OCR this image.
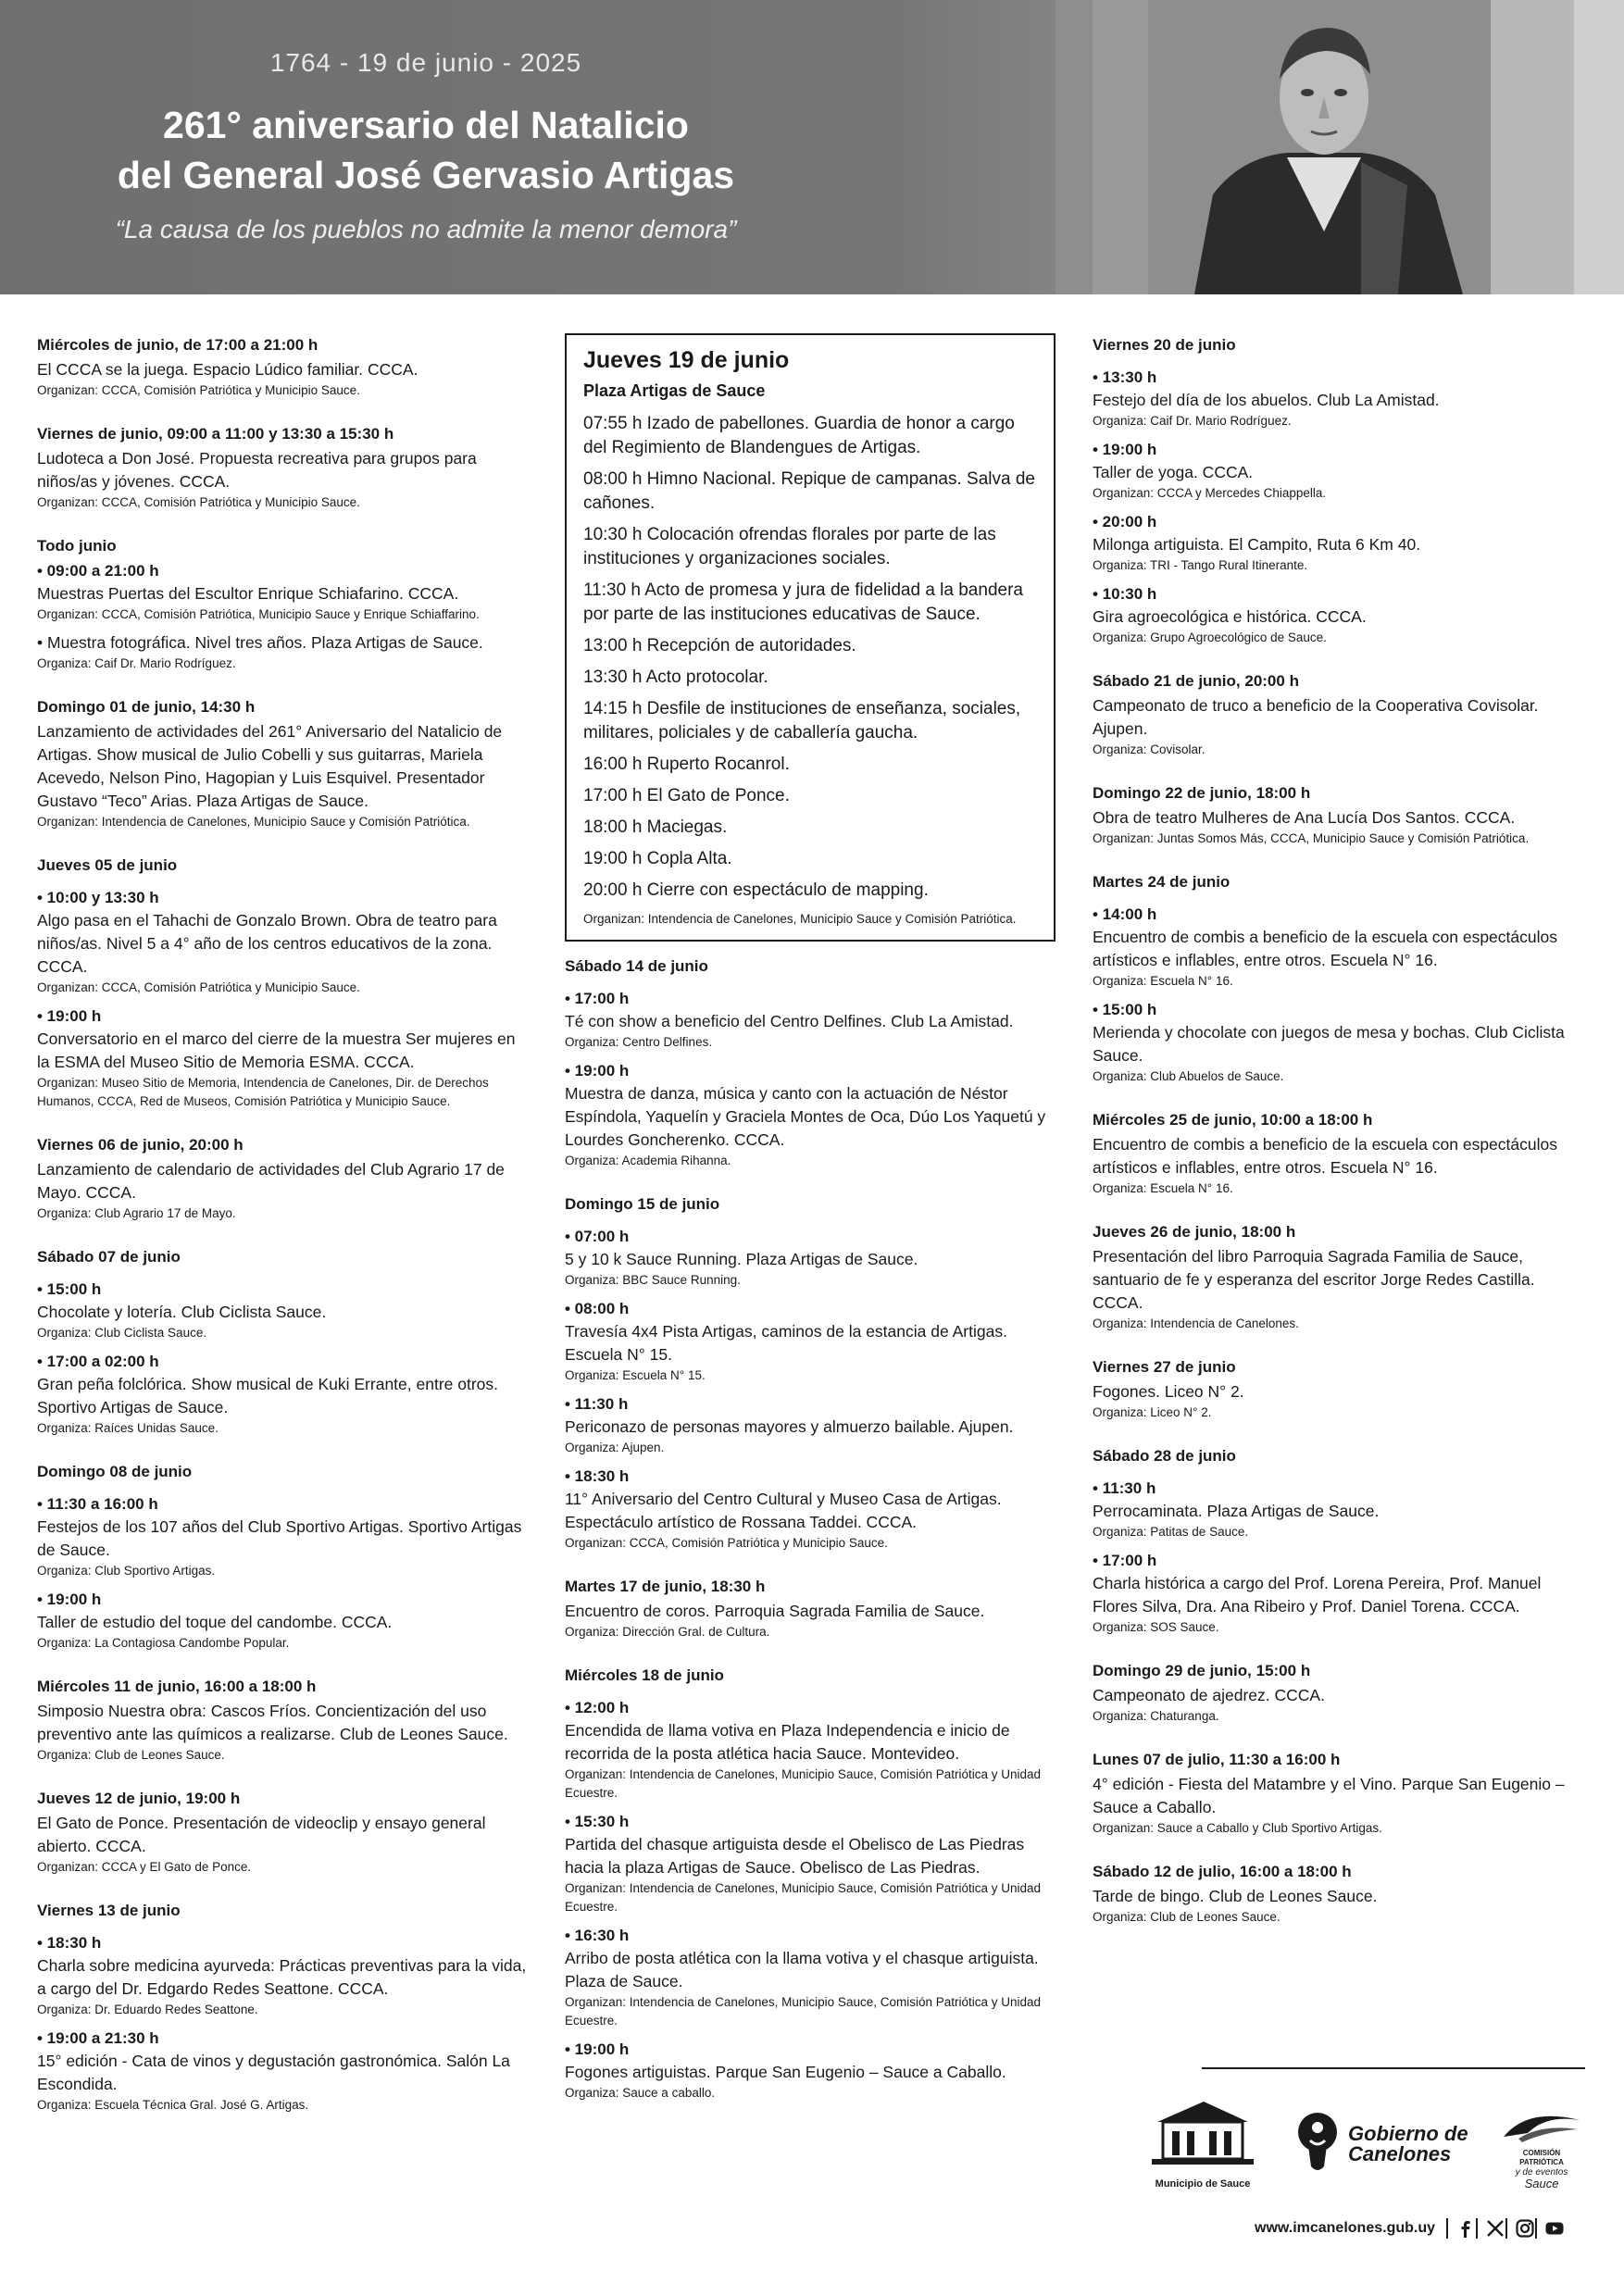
1764 - 19 de junio - 2025
261° aniversario del Natalicio
del General José Gervasio Artigas
“La causa de los pueblos no admite la menor demora”
Miércoles de junio, de 17:00 a 21:00 h
El CCCA se la juega. Espacio Lúdico familiar. CCCA.
Organizan: CCCA, Comisión Patriótica y Municipio Sauce.
Viernes de junio, 09:00 a 11:00 y 13:30 a 15:30 h
Ludoteca a Don José. Propuesta recreativa para grupos para niños/as y jóvenes. CCCA.
Organizan: CCCA, Comisión Patriótica y Municipio Sauce.
Todo junio
• 09:00 a 21:00 h
Muestras Puertas del Escultor Enrique Schiafarino. CCCA.
Organizan: CCCA, Comisión Patriótica, Municipio Sauce y Enrique Schiaffarino.
• Muestra fotográfica. Nivel tres años. Plaza Artigas de Sauce.
Organiza: Caif Dr. Mario Rodríguez.
Domingo 01 de junio, 14:30 h
Lanzamiento de actividades del 261° Aniversario del Natalicio de Artigas. Show musical de Julio Cobelli y sus guitarras, Mariela Acevedo, Nelson Pino, Hagopian y Luis Esquivel. Presentador Gustavo “Teco” Arias. Plaza Artigas de Sauce.
Organizan: Intendencia de Canelones, Municipio Sauce y Comisión Patriótica.
Jueves 05 de junio
• 10:00 y 13:30 h
Algo pasa en el Tahachi de Gonzalo Brown. Obra de teatro para niños/as. Nivel 5 a 4° año de los centros educativos de la zona. CCCA.
Organizan: CCCA, Comisión Patriótica y Municipio Sauce.
• 19:00 h
Conversatorio en el marco del cierre de la muestra Ser mujeres en la ESMA del Museo Sitio de Memoria ESMA. CCCA.
Organizan: Museo Sitio de Memoria, Intendencia de Canelones, Dir. de Derechos Humanos, CCCA, Red de Museos, Comisión Patriótica y Municipio Sauce.
Viernes 06 de junio, 20:00 h
Lanzamiento de calendario de actividades del Club Agrario 17 de Mayo. CCCA.
Organiza: Club Agrario 17 de Mayo.
Sábado 07 de junio
• 15:00 h
Chocolate y lotería. Club Ciclista Sauce.
Organiza: Club Ciclista Sauce.
• 17:00 a 02:00 h
Gran peña folclórica. Show musical de Kuki Errante, entre otros. Sportivo Artigas de Sauce.
Organiza: Raíces Unidas Sauce.
Domingo 08 de junio
• 11:30 a 16:00 h
Festejos de los 107 años del Club Sportivo Artigas. Sportivo Artigas de Sauce.
Organiza: Club Sportivo Artigas.
• 19:00 h
Taller de estudio del toque del candombe. CCCA.
Organiza: La Contagiosa Candombe Popular.
Miércoles 11 de junio, 16:00 a 18:00 h
Simposio Nuestra obra: Cascos Fríos. Concientización del uso preventivo ante las químicos a realizarse. Club de Leones Sauce.
Organiza: Club de Leones Sauce.
Jueves 12 de junio, 19:00 h
El Gato de Ponce. Presentación de videoclip y ensayo general abierto. CCCA.
Organizan: CCCA y El Gato de Ponce.
Viernes 13 de junio
• 18:30 h
Charla sobre medicina ayurveda: Prácticas preventivas para la vida, a cargo del Dr. Edgardo Redes Seattone. CCCA.
Organiza: Dr. Eduardo Redes Seattone.
• 19:00 a 21:30 h
15° edición - Cata de vinos y degustación gastronómica. Salón La Escondida.
Organiza: Escuela Técnica Gral. José G. Artigas.
Jueves 19 de junio
Plaza Artigas de Sauce
07:55 h Izado de pabellones. Guardia de honor a cargo del Regimiento de Blandengues de Artigas.
08:00 h Himno Nacional. Repique de campanas. Salva de cañones.
10:30 h Colocación ofrendas florales por parte de las instituciones y organizaciones sociales.
11:30 h Acto de promesa y jura de fidelidad a la bandera por parte de las instituciones educativas de Sauce.
13:00 h Recepción de autoridades.
13:30 h Acto protocolar.
14:15 h Desfile de instituciones de enseñanza, sociales, militares, policiales y de caballería gaucha.
16:00 h Ruperto Rocanrol.
17:00 h El Gato de Ponce.
18:00 h Maciegas.
19:00 h Copla Alta.
20:00 h Cierre con espectáculo de mapping.
Organizan: Intendencia de Canelones, Municipio Sauce y Comisión Patriótica.
Sábado 14 de junio
• 17:00 h
Té con show a beneficio del Centro Delfines. Club La Amistad.
Organiza: Centro Delfines.
• 19:00 h
Muestra de danza, música y canto con la actuación de Néstor Espíndola, Yaquelín y Graciela Montes de Oca, Dúo Los Yaquetú y Lourdes Goncherenko. CCCA.
Organiza: Academia Rihanna.
Domingo 15 de junio
• 07:00 h
5 y 10 k Sauce Running. Plaza Artigas de Sauce.
Organiza: BBC Sauce Running.
• 08:00 h
Travesía 4x4 Pista Artigas, caminos de la estancia de Artigas. Escuela N° 15.
Organiza: Escuela N° 15.
• 11:30 h
Periconazo de personas mayores y almuerzo bailable. Ajupen.
Organiza: Ajupen.
• 18:30 h
11° Aniversario del Centro Cultural y Museo Casa de Artigas. Espectáculo artístico de Rossana Taddei. CCCA.
Organizan: CCCA, Comisión Patriótica y Municipio Sauce.
Martes 17 de junio, 18:30 h
Encuentro de coros. Parroquia Sagrada Familia de Sauce.
Organiza: Dirección Gral. de Cultura.
Miércoles 18 de junio
• 12:00 h
Encendida de llama votiva en Plaza Independencia e inicio de recorrida de la posta atlética hacia Sauce. Montevideo.
Organizan: Intendencia de Canelones, Municipio Sauce, Comisión Patriótica y Unidad Ecuestre.
• 15:30 h
Partida del chasque artiguista desde el Obelisco de Las Piedras hacia la plaza Artigas de Sauce. Obelisco de Las Piedras.
Organizan: Intendencia de Canelones, Municipio Sauce, Comisión Patriótica y Unidad Ecuestre.
• 16:30 h
Arribo de posta atlética con la llama votiva y el chasque artiguista. Plaza de Sauce.
Organizan: Intendencia de Canelones, Municipio Sauce, Comisión Patriótica y Unidad Ecuestre.
• 19:00 h
Fogones artiguistas. Parque San Eugenio – Sauce a Caballo.
Organiza: Sauce a caballo.
Viernes 20 de junio
• 13:30 h
Festejo del día de los abuelos. Club La Amistad.
Organiza: Caif Dr. Mario Rodríguez.
• 19:00 h
Taller de yoga. CCCA.
Organizan: CCCA y Mercedes Chiappella.
• 20:00 h
Milonga artiguista. El Campito, Ruta 6 Km 40.
Organiza: TRI - Tango Rural Itinerante.
• 10:30 h
Gira agroecológica e histórica. CCCA.
Organiza: Grupo Agroecológico de Sauce.
Sábado 21 de junio, 20:00 h
Campeonato de truco a beneficio de la Cooperativa Covisolar. Ajupen.
Organiza: Covisolar.
Domingo 22 de junio, 18:00 h
Obra de teatro Mulheres de Ana Lucía Dos Santos. CCCA.
Organizan: Juntas Somos Más, CCCA, Municipio Sauce y Comisión Patriótica.
Martes 24 de junio
• 14:00 h
Encuentro de combis a beneficio de la escuela con espectáculos artísticos e inflables, entre otros. Escuela N° 16.
Organiza: Escuela N° 16.
• 15:00 h
Merienda y chocolate con juegos de mesa y bochas. Club Ciclista Sauce.
Organiza: Club Abuelos de Sauce.
Miércoles 25 de junio, 10:00 a 18:00 h
Encuentro de combis a beneficio de la escuela con espectáculos artísticos e inflables, entre otros. Escuela N° 16.
Organiza: Escuela N° 16.
Jueves 26 de junio, 18:00 h
Presentación del libro Parroquia Sagrada Familia de Sauce, santuario de fe y esperanza del escritor Jorge Redes Castilla. CCCA.
Organiza: Intendencia de Canelones.
Viernes 27 de junio
Fogones. Liceo N° 2.
Organiza: Liceo N° 2.
Sábado 28 de junio
• 11:30 h
Perrocaminata. Plaza Artigas de Sauce.
Organiza: Patitas de Sauce.
• 17:00 h
Charla histórica a cargo del Prof. Lorena Pereira, Prof. Manuel Flores Silva, Dra. Ana Ribeiro y Prof. Daniel Torena. CCCA.
Organiza: SOS Sauce.
Domingo 29 de junio, 15:00 h
Campeonato de ajedrez. CCCA.
Organiza: Chaturanga.
Lunes 07 de julio, 11:30 a 16:00 h
4° edición - Fiesta del Matambre y el Vino. Parque San Eugenio – Sauce a Caballo.
Organizan: Sauce a Caballo y Club Sportivo Artigas.
Sábado 12 de julio, 16:00 a 18:00 h
Tarde de bingo. Club de Leones Sauce.
Organiza: Club de Leones Sauce.
Municipio de Sauce
Gobierno de
Canelones	COMISIÓN PATRIÓTICA
y de eventos
Sauce
www.imcanelones.gub.uy
